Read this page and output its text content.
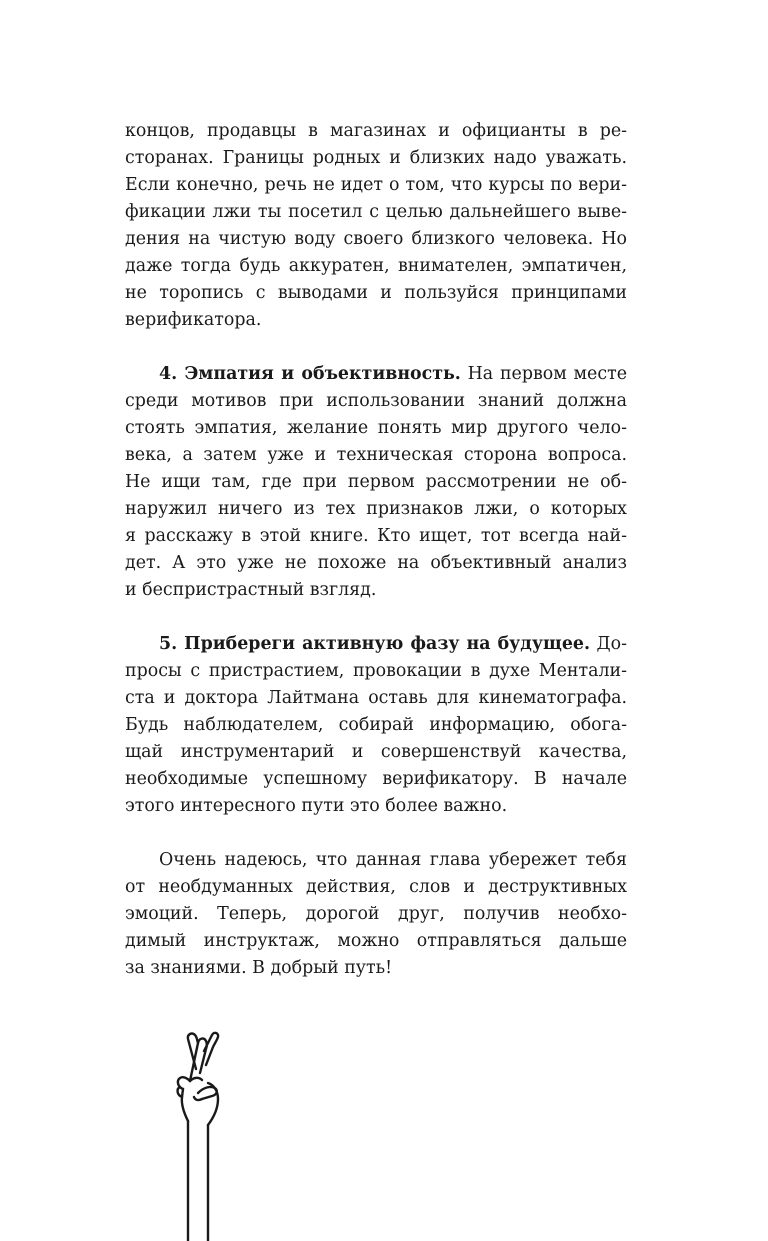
концов, продавцы в магазинах и официанты в ре-
сторанах. Границы родных и близких надо уважать.
Если конечно, речь не идет о том, что курсы по вери-
фикации лжи ты посетил с целью дальнейшего выве-
дения на чистую воду своего близкого человека. Но
даже тогда будь аккуратен, внимателен, эмпатичен,
не торопись с выводами и пользуйся принципами
верификатора.

4. Эмпатия и объективность. На первом месте
среди мотивов при использовании знаний должна
стоять эмпатия, желание понять мир другого чело-
века, а затем уже и техническая сторона вопроса.
Не ищи там, где при первом рассмотрении не об-
наружил ничего из тех признаков лжи, о которых
я расскажу в этой книге. Кто ищет, тот всегда най-
дет. А это уже не похоже на объективный анализ
и беспристрастный взгляд.

5. Прибереги активную фазу на будущее. До-
просы с пристрастием, провокации в духе Ментали-
ста и доктора Лайтмана оставь для кинематографа.
Будь наблюдателем, собирай информацию, обога-
щай инструментарий и совершенствуй качества,
необходимые успешному верификатору. В начале
этого интересного пути это более важно.

Очень надеюсь, что данная глава убережет тебя
от необдуманных действия, слов и деструктивных
эмоций. Теперь, дорогой друг, получив необхо-
димый инструктаж, можно отправляться дальше
за знаниями. В добрый путь!
